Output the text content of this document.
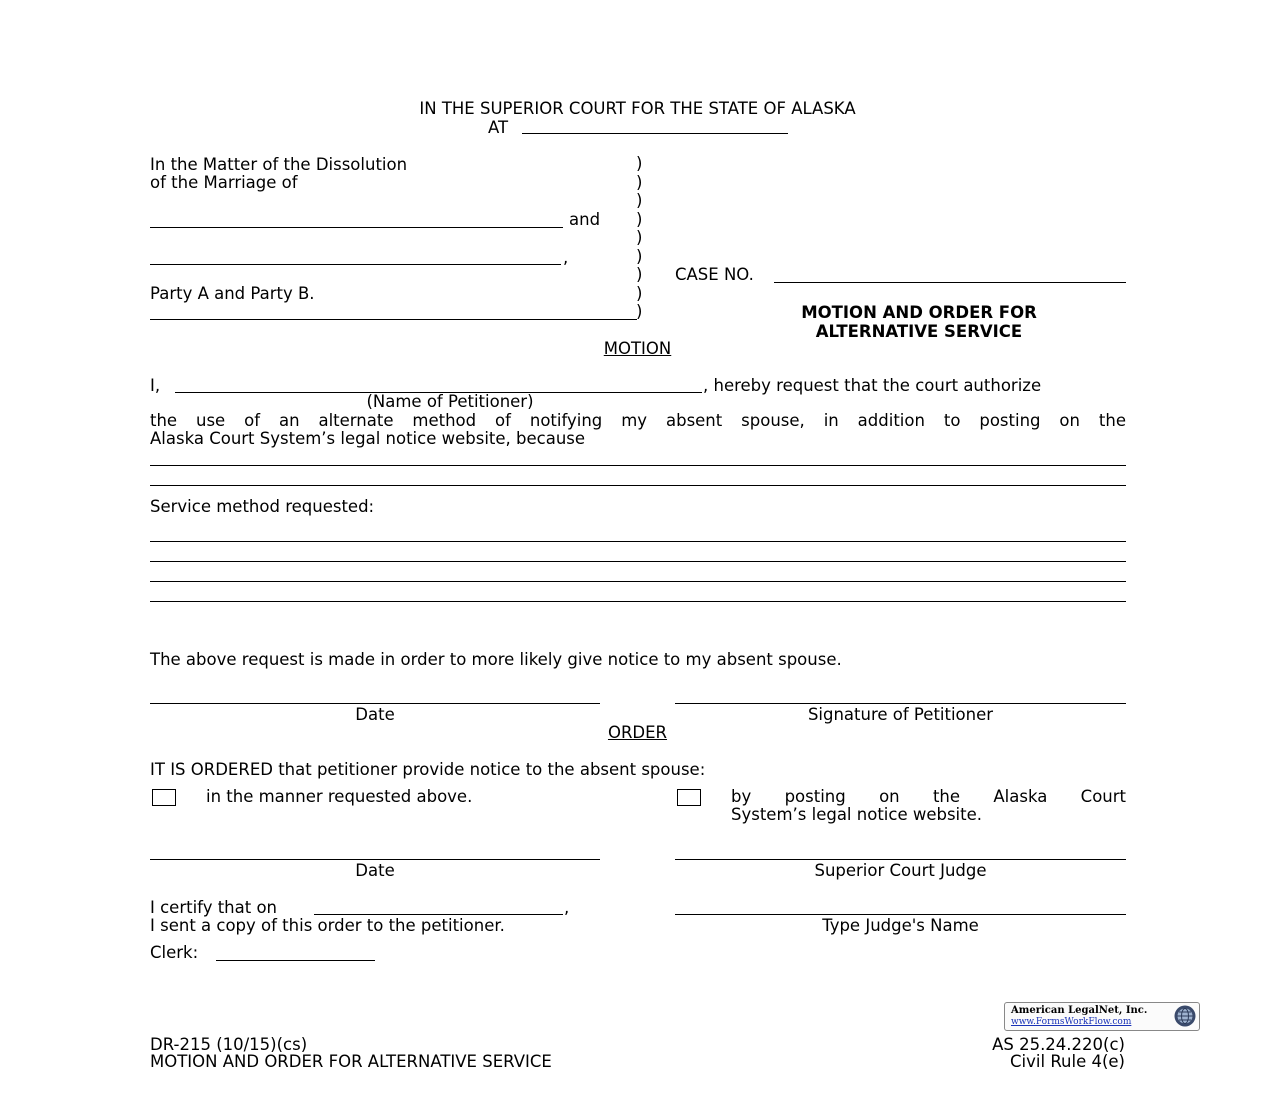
IN THE SUPERIOR COURT FOR THE STATE OF ALASKA
AT
In the Matter of the Dissolution
of the Marriage of
and
,
Party A and Party B.
)
)
)
)
)
)
)
)
)
CASE NO.
MOTION AND ORDER FOR
ALTERNATIVE SERVICE
MOTION
I,	, hereby request that the court authorize
(Name of Petitioner)
the use of an alternate method of notifying my absent spouse, in addition to posting on the
Alaska Court System’s legal notice website, because
Service method requested:
The above request is made in order to more likely give notice to my absent spouse.
Date	Signature of Petitioner
ORDER
IT IS ORDERED that petitioner provide notice to the absent spouse:
in the manner requested above.	by posting on the Alaska Court
System’s legal notice website.
Date	Superior Court Judge
I certify that on	,
I sent a copy of this order to the petitioner.	Type Judge's Name
Clerk:
American LegalNet, Inc.
www.FormsWorkFlow.com
DR-215 (10/15)(cs)
MOTION AND ORDER FOR ALTERNATIVE SERVICE
AS 25.24.220(c)
Civil Rule 4(e)
